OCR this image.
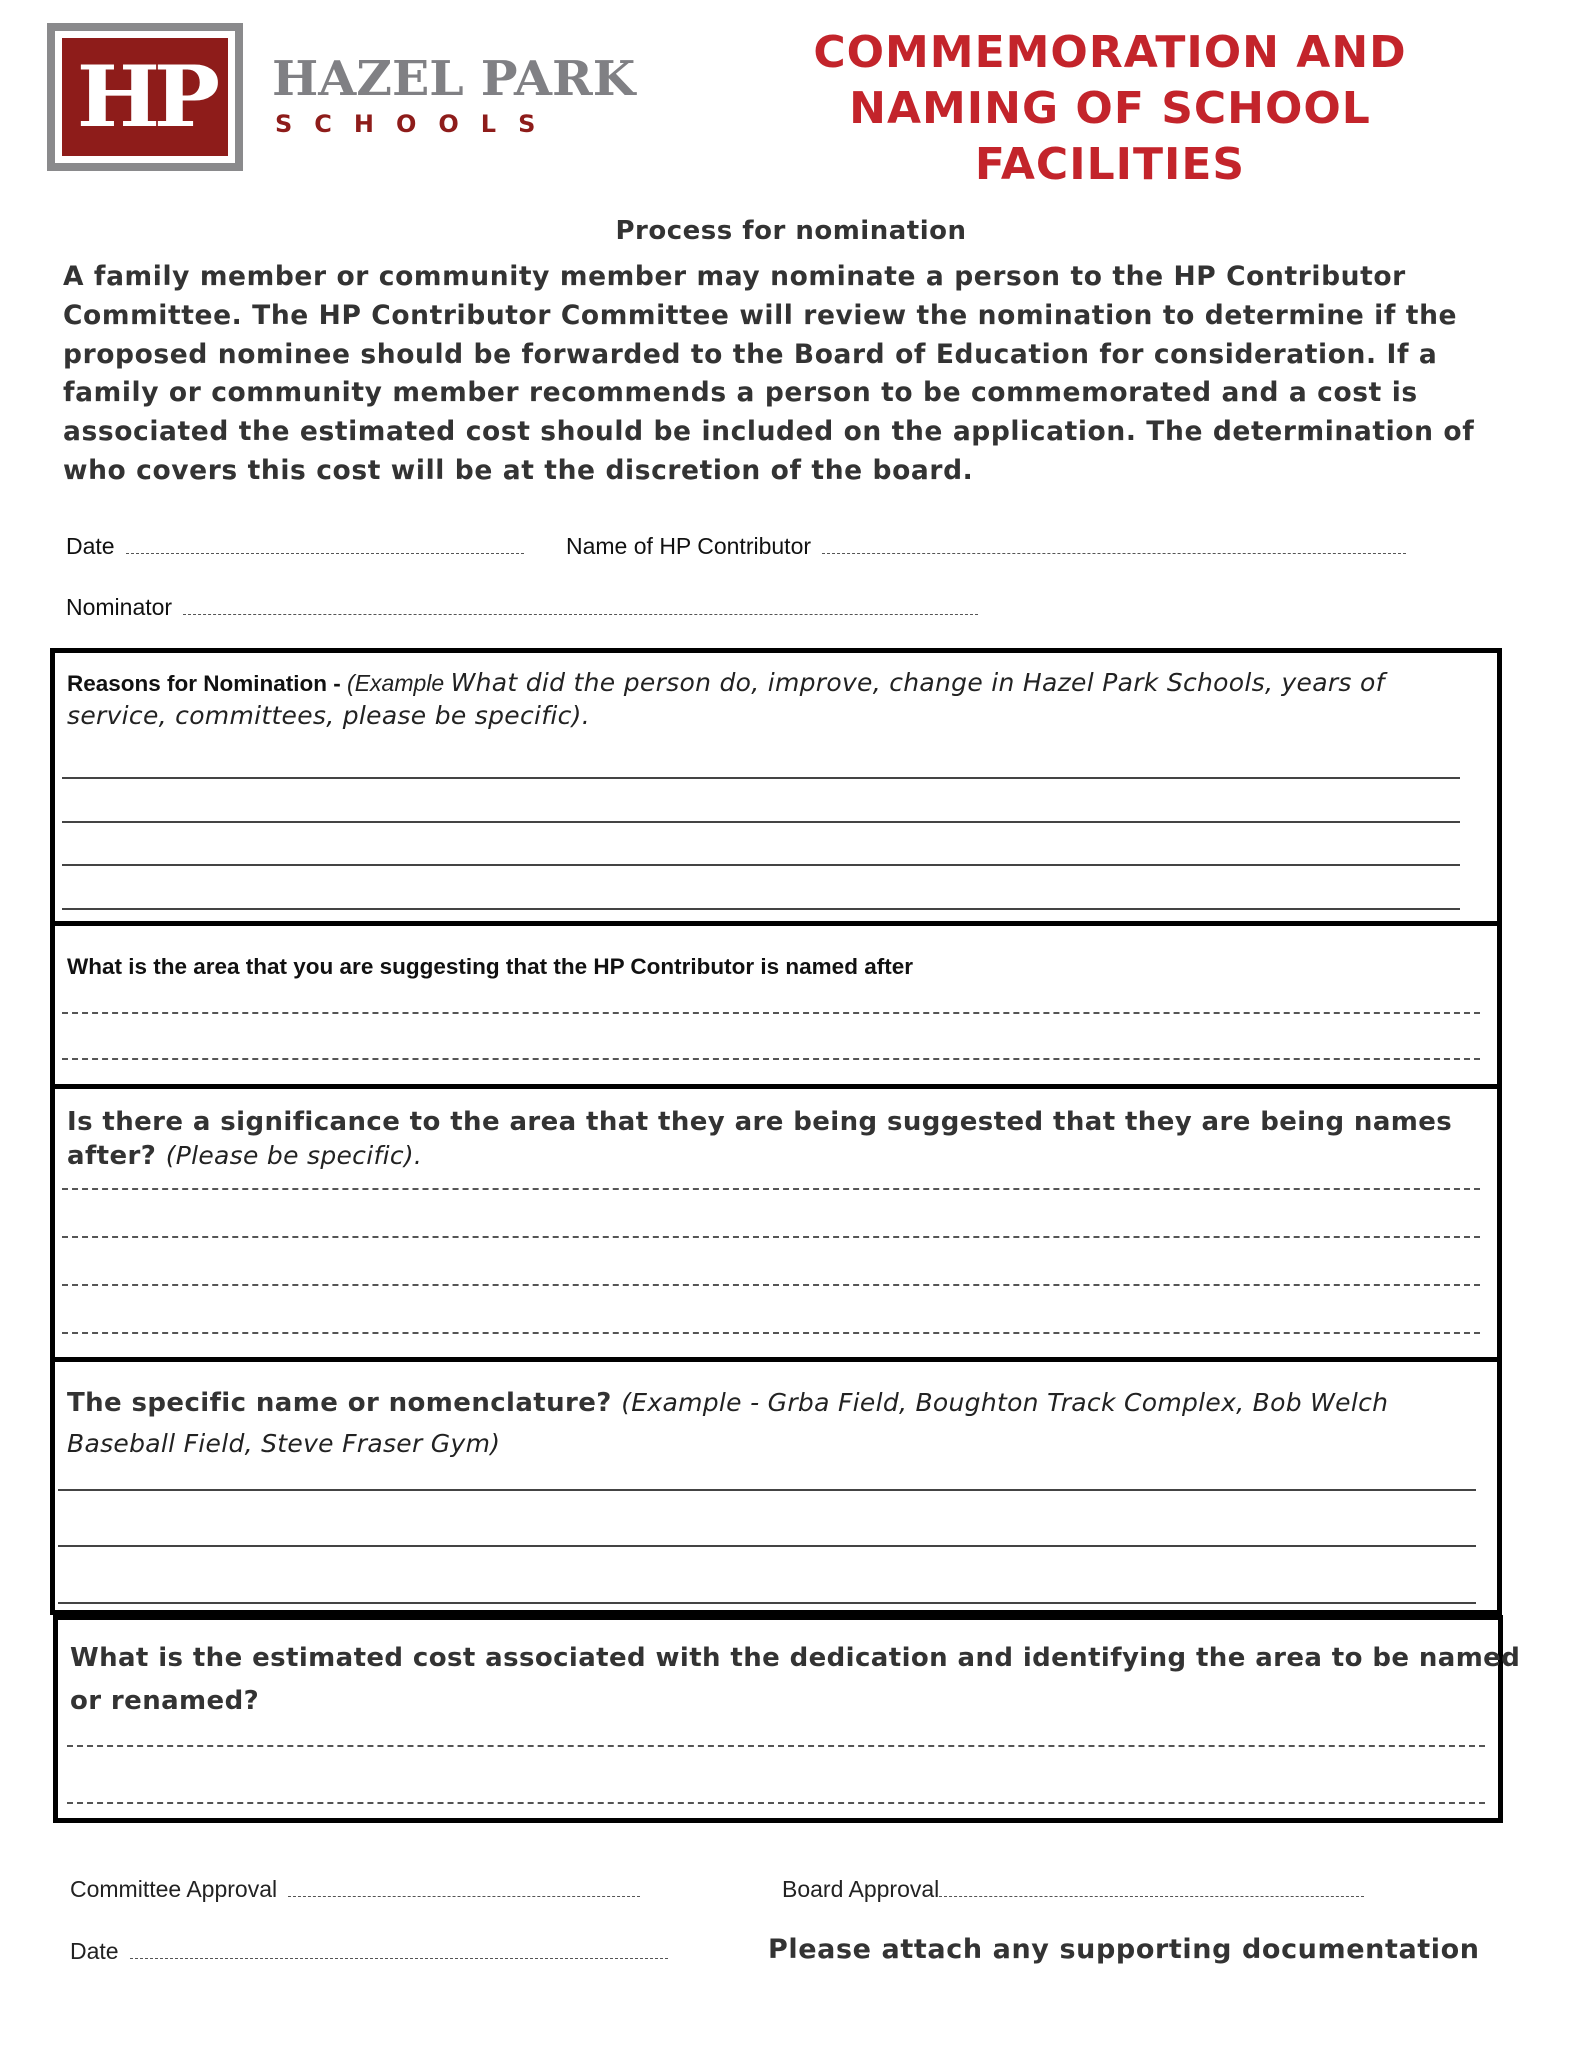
HP HAZEL PARK
SCHOOLS
COMMEMORATION AND
NAMING OF SCHOOL
FACILITIES
Process for nomination
A family member or community member may nominate a person to the HP Contributor
Committee. The HP Contributor Committee will review the nomination to determine if the
proposed nominee should be forwarded to the Board of Education for consideration. If a
family or community member recommends a person to be commemorated and a cost is
associated the estimated cost should be included on the application. The determination of
who covers this cost will be at the discretion of the board.
Date	Name of HP Contributor
Nominator
Reasons for Nomination - (Example What did the person do, improve, change in Hazel Park Schools, years of
service, committees, please be specific).
What is the area that you are suggesting that the HP Contributor is named after
Is there a significance to the area that they are being suggested that they are being names
after? (Please be specific).
The specific name or nomenclature? (Example - Grba Field, Boughton Track Complex, Bob Welch
Baseball Field, Steve Fraser Gym)
What is the estimated cost associated with the dedication and identifying the area to be named
or renamed?
Committee Approval	Board Approval
Date	Please attach any supporting documentation
